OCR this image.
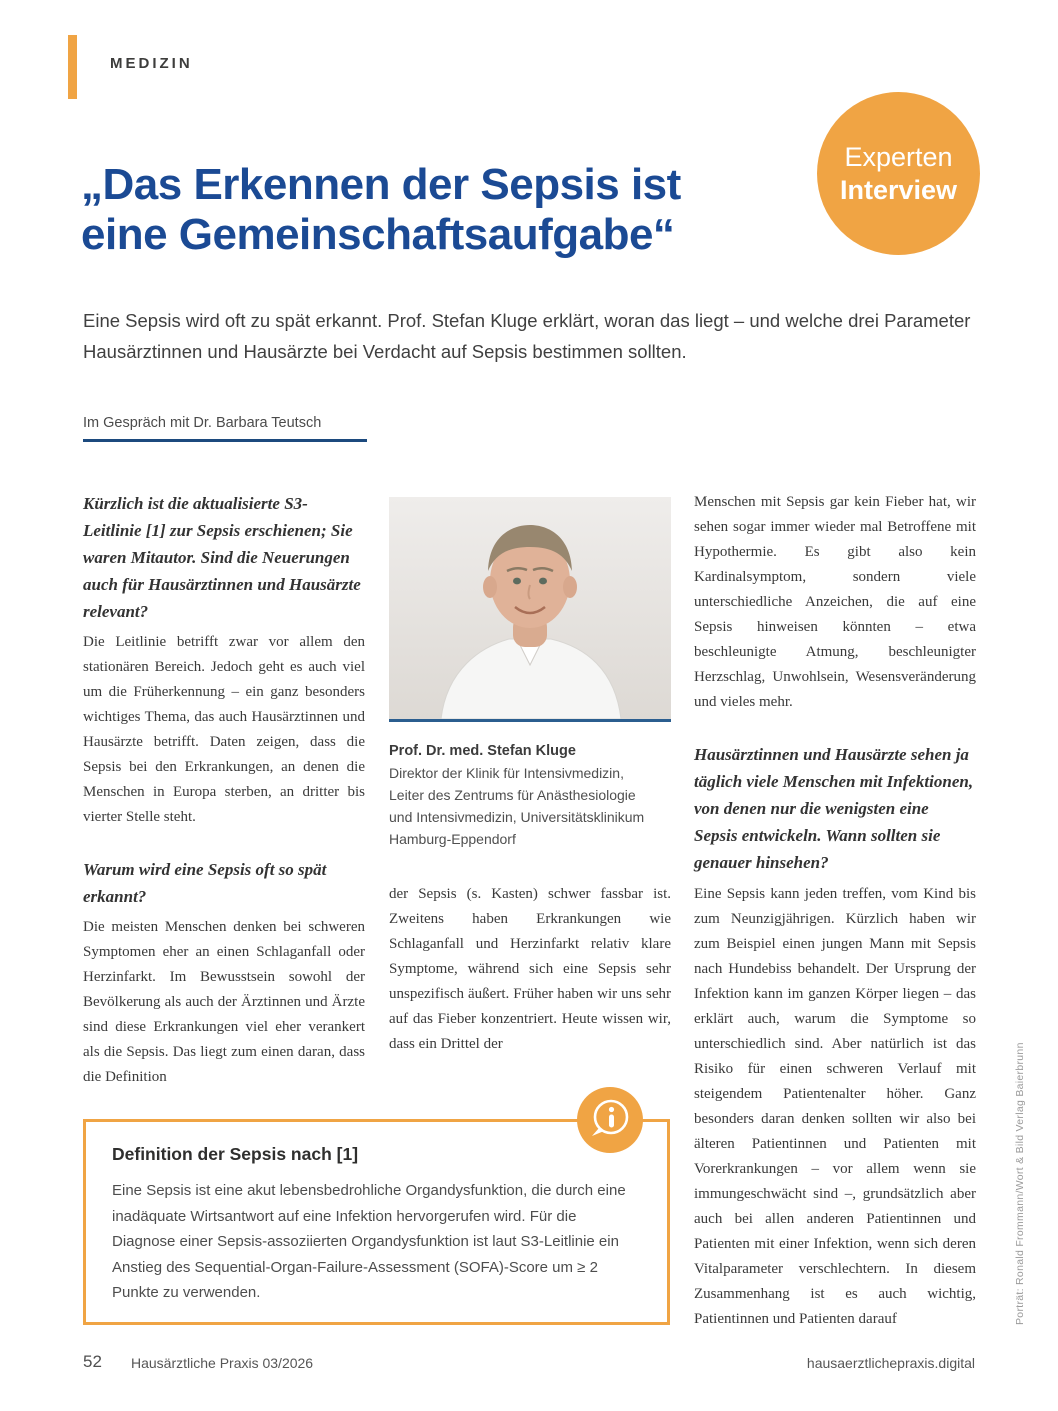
MEDIZIN
Experten
Interview
„Das Erkennen der Sepsis ist
eine Gemeinschaftsaufgabe“

Eine Sepsis wird oft zu spät erkannt. Prof. Stefan Kluge erklärt, woran das liegt – und welche drei Parameter Hausärztinnen und Hausärzte bei Verdacht auf Sepsis bestimmen sollten.

Im Gespräch mit Dr. Barbara Teutsch

Kürzlich ist die aktualisierte S3-Leitlinie [1] zur Sepsis erschienen; Sie waren Mitautor. Sind die Neuerungen auch für Hausärztinnen und Hausärzte relevant?

Die Leitlinie betrifft zwar vor allem den stationären Bereich. Jedoch geht es auch viel um die Früherkennung – ein ganz besonders wichtiges Thema, das auch Hausärztinnen und Hausärzte betrifft. Daten zeigen, dass die Sepsis bei den Erkrankungen, an denen die Menschen in Europa sterben, an dritter bis vierter Stelle steht.

Warum wird eine Sepsis oft so spät erkannt?

Die meisten Menschen denken bei schweren Symptomen eher an einen Schlaganfall oder Herzinfarkt. Im Bewusstsein sowohl der Bevölkerung als auch der Ärztinnen und Ärzte sind diese Erkrankungen viel eher verankert als die Sepsis. Das liegt zum einen daran, dass die Definition

Prof. Dr. med. Stefan Kluge

Direktor der Klinik für Intensivmedizin, Leiter des Zentrums für Anästhesiologie und Intensivmedizin, Universitätsklinikum Hamburg-Eppendorf

der Sepsis (s. Kasten) schwer fassbar ist. Zweitens haben Erkrankungen wie Schlaganfall und Herzinfarkt relativ klare Symptome, während sich eine Sepsis sehr unspezifisch äußert. Früher haben wir uns sehr auf das Fieber konzentriert. Heute wissen wir, dass ein Drittel der

Menschen mit Sepsis gar kein Fieber hat, wir sehen sogar immer wieder mal Betroffene mit Hypothermie. Es gibt also kein Kardinalsymptom, sondern viele unterschiedliche Anzeichen, die auf eine Sepsis hinweisen könnten – etwa beschleunigte Atmung, beschleunigter Herzschlag, Unwohlsein, Wesensveränderung und vieles mehr.

Hausärztinnen und Hausärzte sehen ja täglich viele Menschen mit Infektionen, von denen nur die wenigsten eine Sepsis entwickeln. Wann sollten sie genauer hinsehen?

Eine Sepsis kann jeden treffen, vom Kind bis zum Neunzigjährigen. Kürzlich haben wir zum Beispiel einen jungen Mann mit Sepsis nach Hundebiss behandelt. Der Ursprung der Infektion kann im ganzen Körper liegen – das erklärt auch, warum die Symptome so unterschiedlich sind. Aber natürlich ist das Risiko für einen schweren Verlauf mit steigendem Patientenalter höher. Ganz besonders daran denken sollten wir also bei älteren Patientinnen und Patienten mit Vorerkrankungen – vor allem wenn sie immungeschwächt sind –, grundsätzlich aber auch bei allen anderen Patientinnen und Patienten mit einer Infektion, wenn sich deren Vitalparameter verschlechtern. In diesem Zusammenhang ist es auch wichtig, Patientinnen und Patienten darauf

Definition der Sepsis nach [1]

Eine Sepsis ist eine akut lebensbedrohliche Organdysfunktion, die durch eine inadäquate Wirtsantwort auf eine Infektion hervorgerufen wird. Für die Diagnose einer Sepsis-assoziierten Organdysfunktion ist laut S3-Leitlinie ein Anstieg des Sequential-Organ-Failure-Assessment (SOFA)-Score um ≥ 2 Punkte zu verwenden.

52 Hausärztliche Praxis 03/2026	hausaerztlichepraxis.digital
Porträt: Ronald Frommann/Wort & Bild Verlag Baierbrunn
